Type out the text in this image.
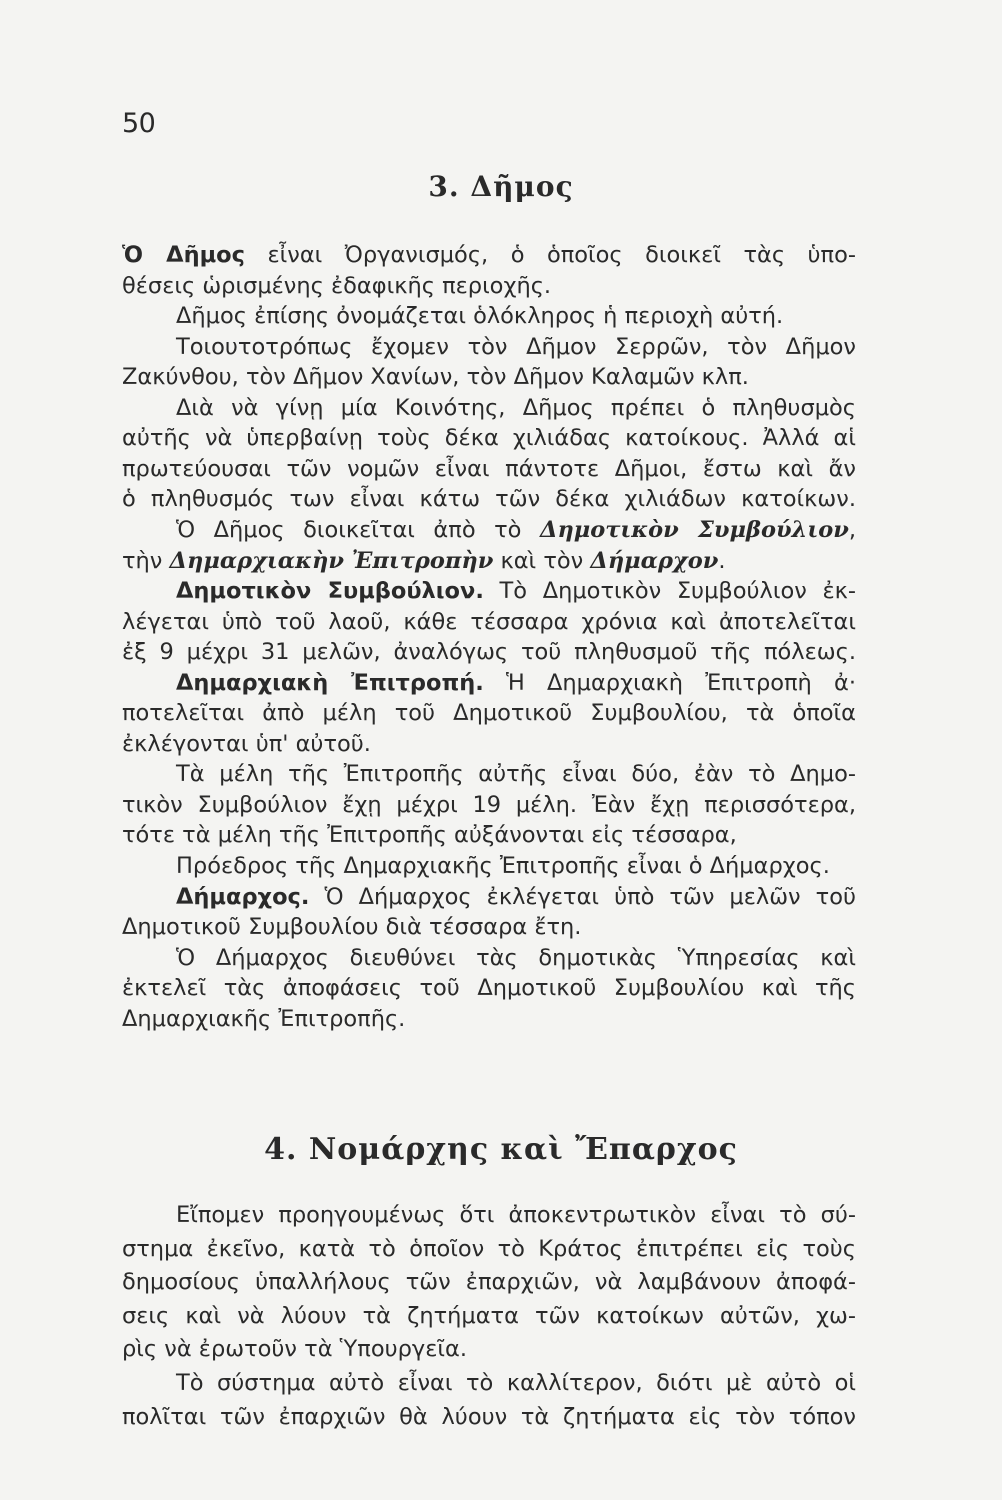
50
3. Δῆμος
Ὁ Δῆμος εἶναι Ὀργανισμός, ὁ ὁποῖος διοικεῖ τὰς ὑπο-
θέσεις ὡρισμένης ἐδαφικῆς περιοχῆς.
Δῆμος ἐπίσης ὀνομάζεται ὁλόκληρος ἡ περιοχὴ αὐτή.
Τοιουτοτρόπως ἔχομεν τὸν Δῆμον Σερρῶν, τὸν Δῆμον
Ζακύνθου, τὸν Δῆμον Χανίων, τὸν Δῆμον Καλαμῶν κλπ.
Διὰ νὰ γίνῃ μία Κοινότης, Δῆμος πρέπει ὁ πληθυσμὸς
αὐτῆς νὰ ὑπερβαίνῃ τοὺς δέκα χιλιάδας κατοίκους. Ἀλλά αἱ
πρωτεύουσαι τῶν νομῶν εἶναι πάντοτε Δῆμοι, ἔστω καὶ ἄν
ὁ πληθυσμός των εἶναι κάτω τῶν δέκα χιλιάδων κατοίκων.
Ὁ Δῆμος διοικεῖται ἀπὸ τὸ Δημοτικὸν Συμβούλιον,
τὴν Δημαρχιακὴν Ἐπιτροπὴν καὶ τὸν Δήμαρχον.
Δημοτικὸν Συμβούλιον. Τὸ Δημοτικὸν Συμβούλιον ἐκ-
λέγεται ὑπὸ τοῦ λαοῦ, κάθε τέσσαρα χρόνια καὶ ἀποτελεῖται
ἐξ 9 μέχρι 31 μελῶν, ἀναλόγως τοῦ πληθυσμοῦ τῆς πόλεως.
Δημαρχιακὴ Ἐπιτροπή. Ἡ Δημαρχιακὴ Ἐπιτροπὴ ἀ·
ποτελεῖται ἀπὸ μέλη τοῦ Δημοτικοῦ Συμβουλίου, τὰ ὁποῖα
ἐκλέγονται ὑπ' αὐτοῦ.
Τὰ μέλη τῆς Ἐπιτροπῆς αὐτῆς εἶναι δύο, ἐὰν τὸ Δημο-
τικὸν Συμβούλιον ἔχῃ μέχρι 19 μέλη. Ἐὰν ἔχῃ περισσότερα,
τότε τὰ μέλη τῆς Ἐπιτροπῆς αὐξάνονται εἰς τέσσαρα,
Πρόεδρος τῆς Δημαρχιακῆς Ἐπιτροπῆς εἶναι ὁ Δήμαρχος.
Δήμαρχος. Ὁ Δήμαρχος ἐκλέγεται ὑπὸ τῶν μελῶν τοῦ
Δημοτικοῦ Συμβουλίου διὰ τέσσαρα ἔτη.
Ὁ Δήμαρχος διευθύνει τὰς δημοτικὰς Ὑπηρεσίας καὶ
ἐκτελεῖ τὰς ἀποφάσεις τοῦ Δημοτικοῦ Συμβουλίου καὶ τῆς
Δημαρχιακῆς Ἐπιτροπῆς.
4. Νομάρχης καὶ Ἔπαρχος
Εἴπομεν προηγουμένως ὅτι ἀποκεντρωτικὸν εἶναι τὸ σύ-
στημα ἐκεῖνο, κατὰ τὸ ὁποῖον τὸ Κράτος ἐπιτρέπει εἰς τοὺς
δημοσίους ὑπαλλήλους τῶν ἐπαρχιῶν, νὰ λαμβάνουν ἀποφά-
σεις καὶ νὰ λύουν τὰ ζητήματα τῶν κατοίκων αὐτῶν, χω-
ρὶς νὰ ἐρωτοῦν τὰ Ὑπουργεῖα.
Τὸ σύστημα αὐτὸ εἶναι τὸ καλλίτερον, διότι μὲ αὐτὸ οἱ
πολῖται τῶν ἐπαρχιῶν θὰ λύουν τὰ ζητήματα εἰς τὸν τόπον
